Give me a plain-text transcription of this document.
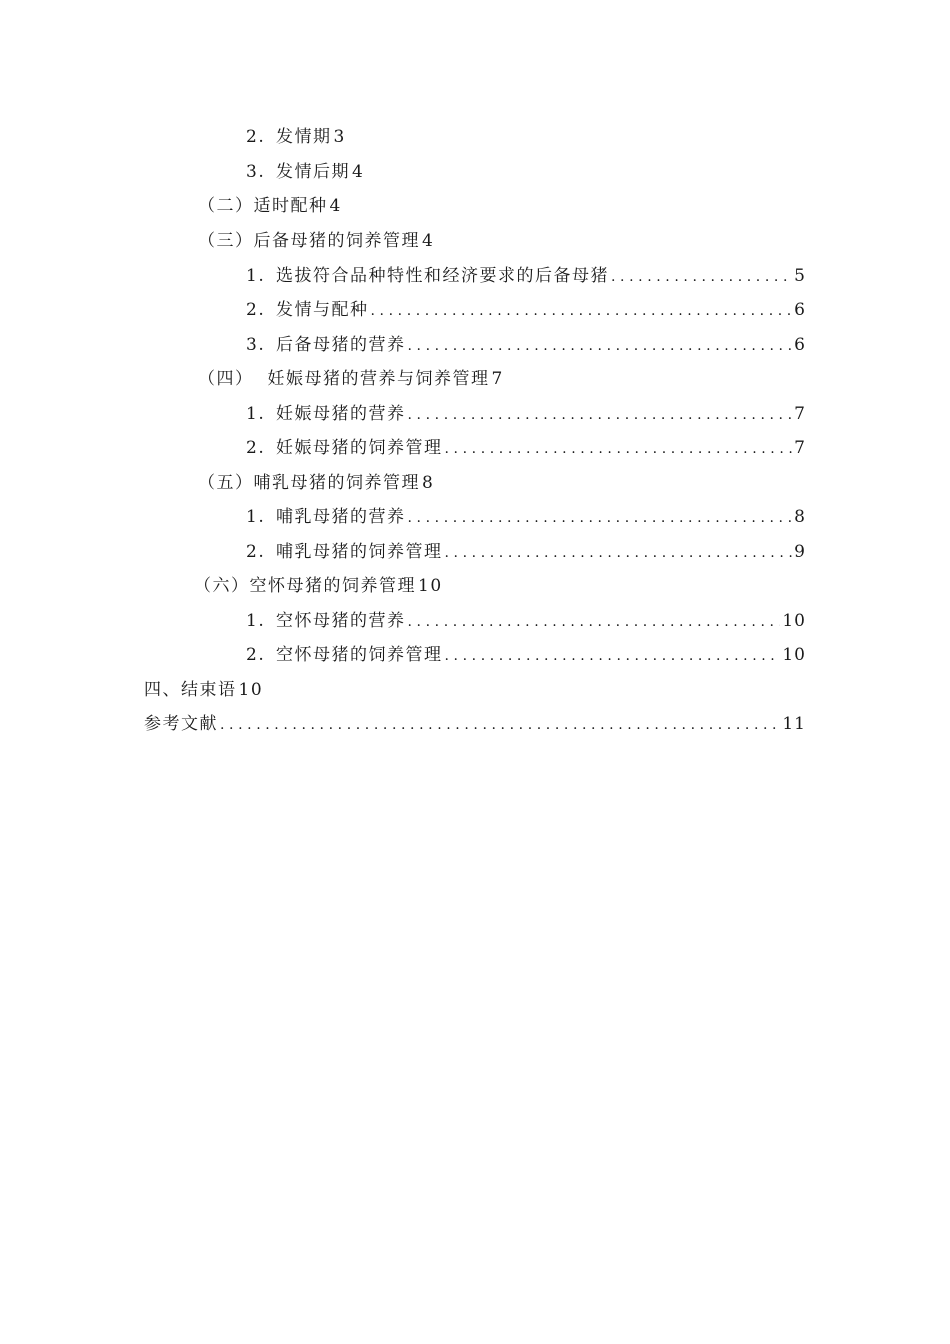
2. 发情期 3
3. 发情后期 4
（二） 适时配种 4
（三） 后备母猪的饲养管理 4
1. 选拔符合品种特性和经济要求的后备母猪 .....	5
2. 发情与配种 .....	6
3. 后备母猪的营养 .....	6
（四） 妊娠母猪的营养与饲养管理 7
1. 妊娠母猪的营养 .....	7
2. 妊娠母猪的饲养管理 .....	7
（五） 哺乳母猪的饲养管理 8
1. 哺乳母猪的营养 .....	8
2. 哺乳母猪的饲养管理 .....	9
（六） 空怀母猪的饲养管理 10
1. 空怀母猪的营养 .....	10
2. 空怀母猪的饲养管理 .....	10
四、 结束语 10
参考文献 .....	11
